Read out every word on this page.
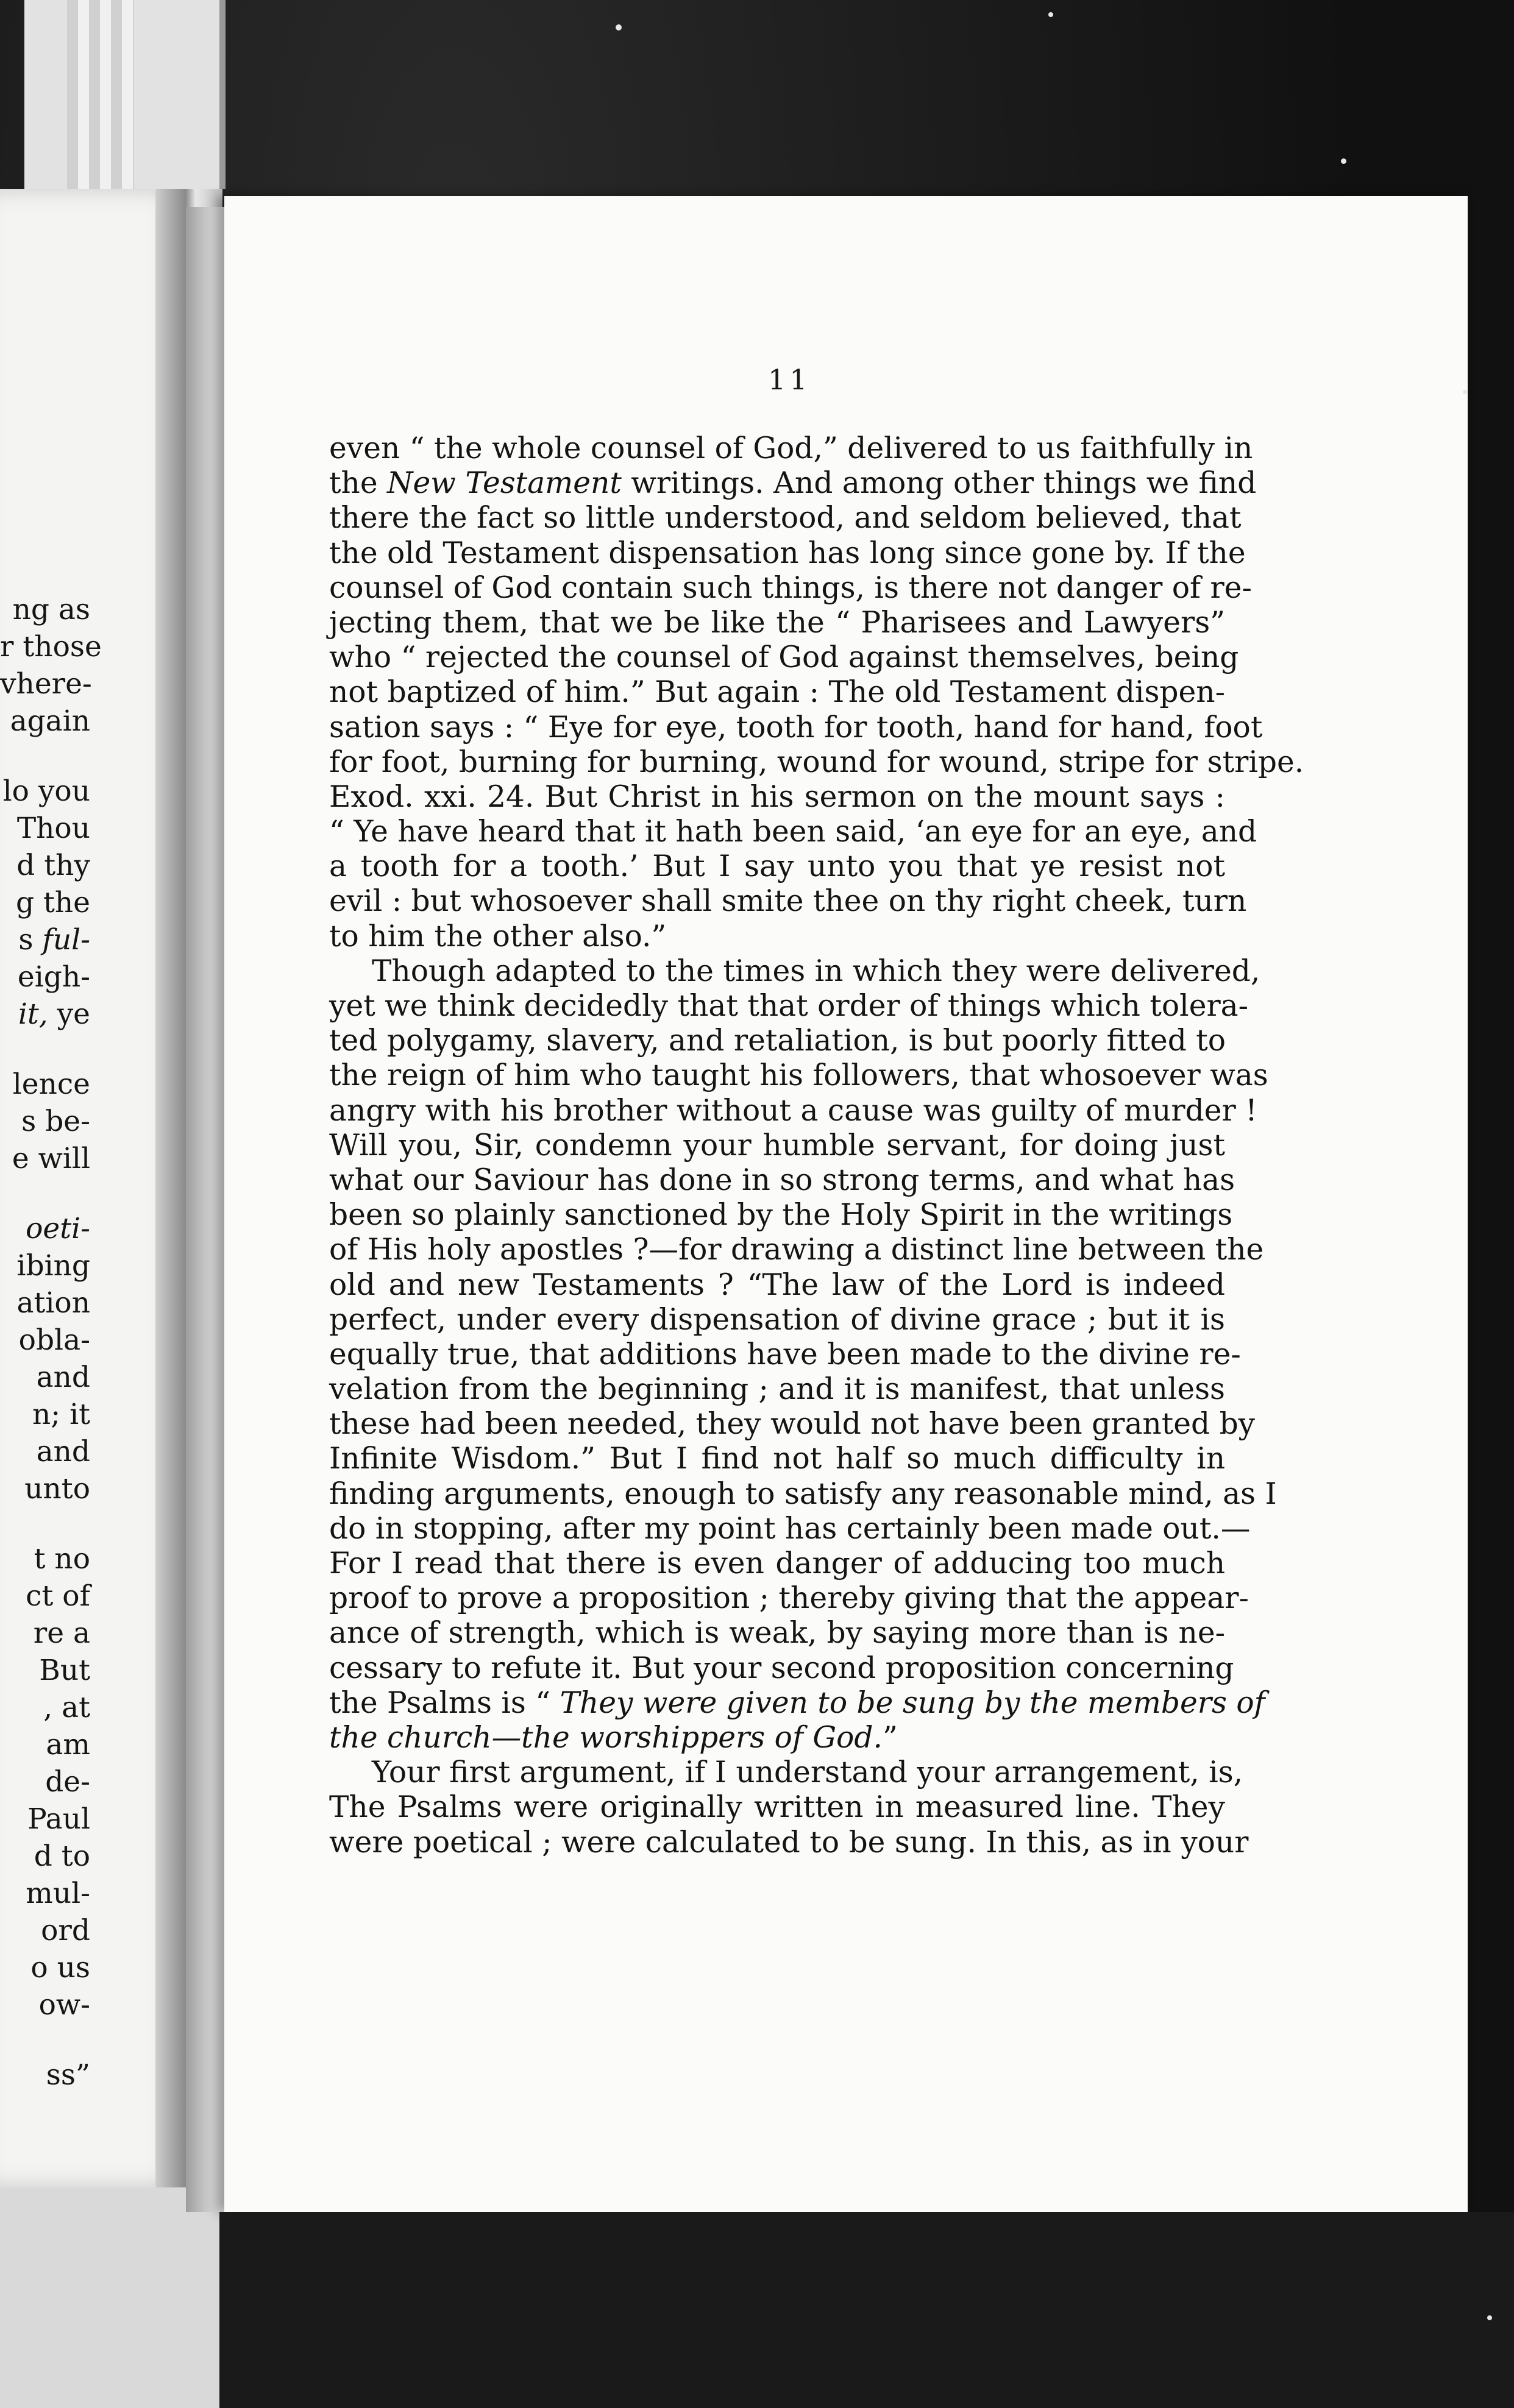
ng as
r those
vhere-
again
lo you
Thou
d thy
g the
s ful-
eigh-
it, ye
lence
s be-
e will
oeti-
ibing
ation
obla-
and
n; it
and
unto
t no
ct of
re a
But
, at
am
de-
Paul
d to
mul-
ord
o us
ow-
ss”
11
even “ the whole counsel of God,” delivered to us faithfully in
the New Testament writings. And among other things we find
there the fact so little understood, and seldom believed, that
the old Testament dispensation has long since gone by. If the
counsel of God contain such things, is there not danger of re-
jecting them, that we be like the “ Pharisees and Lawyers”
who “ rejected the counsel of God against themselves, being
not baptized of him.” But again : The old Testament dispen-
sation says : “ Eye for eye, tooth for tooth, hand for hand, foot
for foot, burning for burning, wound for wound, stripe for stripe.
Exod. xxi. 24. But Christ in his sermon on the mount says :
“ Ye have heard that it hath been said, ‘an eye for an eye, and
a tooth for a tooth.’ But I say unto you that ye resist not
evil : but whosoever shall smite thee on thy right cheek, turn
to him the other also.”
Though adapted to the times in which they were delivered,
yet we think decidedly that that order of things which tolera-
ted polygamy, slavery, and retaliation, is but poorly fitted to
the reign of him who taught his followers, that whosoever was
angry with his brother without a cause was guilty of murder !
Will you, Sir, condemn your humble servant, for doing just
what our Saviour has done in so strong terms, and what has
been so plainly sanctioned by the Holy Spirit in the writings
of His holy apostles ?—for drawing a distinct line between the
old and new Testaments ? “The law of the Lord is indeed
perfect, under every dispensation of divine grace ; but it is
equally true, that additions have been made to the divine re-
velation from the beginning ; and it is manifest, that unless
these had been needed, they would not have been granted by
Infinite Wisdom.” But I find not half so much difficulty in
finding arguments, enough to satisfy any reasonable mind, as I
do in stopping, after my point has certainly been made out.—
For I read that there is even danger of adducing too much
proof to prove a proposition ; thereby giving that the appear-
ance of strength, which is weak, by saying more than is ne-
cessary to refute it. But your second proposition concerning
the Psalms is “ They were given to be sung by the members of
the church—the worshippers of God.”
Your first argument, if I understand your arrangement, is,
The Psalms were originally written in measured line. They
were poetical ; were calculated to be sung. In this, as in your
